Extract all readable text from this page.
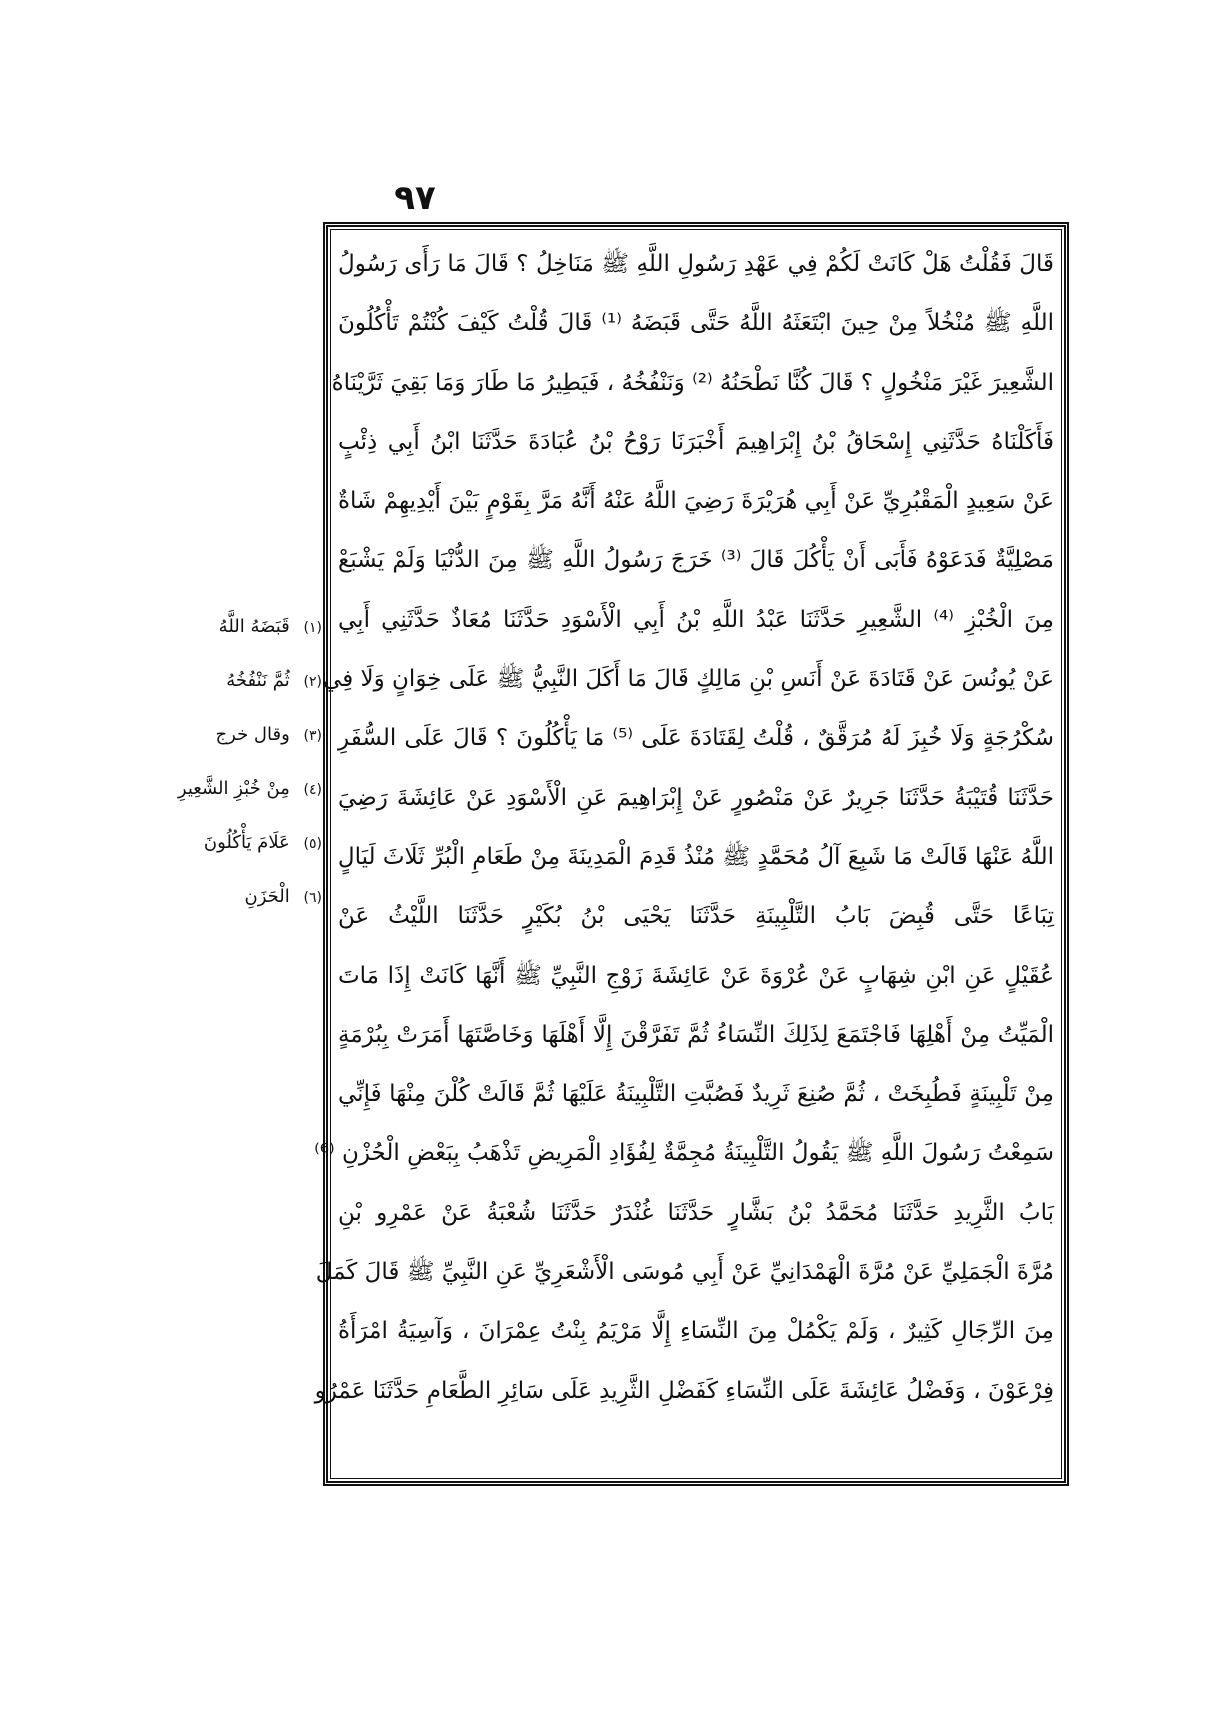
٩٧
قَالَ فَقُلْتُ هَلْ كَانَتْ لَكُمْ فِي عَهْدِ رَسُولِ اللَّهِ ﷺ مَنَاخِلُ ؟ قَالَ مَا رَأَى رَسُولُ
اللَّهِ ﷺ مُنْخُلاً مِنْ حِينَ ابْتَعَثَهُ اللَّهُ حَتَّى قَبَضَهُ ⁽¹⁾ قَالَ قُلْتُ كَيْفَ كُنْتُمْ تَأْكُلُونَ
الشَّعِيرَ غَيْرَ مَنْخُولٍ ؟ قَالَ كُنَّا نَطْحَنُهُ ⁽²⁾ وَنَنْفُخُهُ ، فَيَطِيرُ مَا طَارَ وَمَا بَقِيَ ثَرَّيْنَاهُ
فَأَكَلْنَاهُ حَدَّثَنِي إِسْحَاقُ بْنُ إِبْرَاهِيمَ أَخْبَرَنَا رَوْحُ بْنُ عُبَادَةَ حَدَّثَنَا ابْنُ أَبِي ذِئْبٍ
عَنْ سَعِيدٍ الْمَقْبُرِيِّ عَنْ أَبِي هُرَيْرَةَ رَضِيَ اللَّهُ عَنْهُ أَنَّهُ مَرَّ بِقَوْمٍ بَيْنَ أَيْدِيهِمْ شَاةٌ
مَصْلِيَّةٌ فَدَعَوْهُ فَأَبَى أَنْ يَأْكُلَ قَالَ ⁽³⁾ خَرَجَ رَسُولُ اللَّهِ ﷺ مِنَ الدُّنْيَا وَلَمْ يَشْبَعْ
مِنَ الْخُبْزِ ⁽⁴⁾ الشَّعِيرِ حَدَّثَنَا عَبْدُ اللَّهِ بْنُ أَبِي الْأَسْوَدِ حَدَّثَنَا مُعَاذٌ حَدَّثَنِي أَبِي
عَنْ يُونُسَ عَنْ قَتَادَةَ عَنْ أَنَسِ بْنِ مَالِكٍ قَالَ مَا أَكَلَ النَّبِيُّ ﷺ عَلَى خِوَانٍ وَلَا فِي
سُكْرُجَةٍ وَلَا خُبِزَ لَهُ مُرَقَّقٌ ، قُلْتُ لِقَتَادَةَ عَلَى ⁽⁵⁾ مَا يَأْكُلُونَ ؟ قَالَ عَلَى السُّفَرِ
حَدَّثَنَا قُتَيْبَةُ حَدَّثَنَا جَرِيرٌ عَنْ مَنْصُورٍ عَنْ إِبْرَاهِيمَ عَنِ الْأَسْوَدِ عَنْ عَائِشَةَ رَضِيَ
اللَّهُ عَنْهَا قَالَتْ مَا شَبِعَ آلُ مُحَمَّدٍ ﷺ مُنْذُ قَدِمَ الْمَدِينَةَ مِنْ طَعَامِ الْبُرِّ ثَلَاثَ لَيَالٍ
تِبَاعًا حَتَّى قُبِضَ بَابُ التَّلْبِينَةِ حَدَّثَنَا يَحْيَى بْنُ بُكَيْرٍ حَدَّثَنَا اللَّيْثُ عَنْ
عُقَيْلٍ عَنِ ابْنِ شِهَابٍ عَنْ عُرْوَةَ عَنْ عَائِشَةَ زَوْجِ النَّبِيِّ ﷺ أَنَّهَا كَانَتْ إِذَا مَاتَ
الْمَيِّتُ مِنْ أَهْلِهَا فَاجْتَمَعَ لِذَلِكَ النِّسَاءُ ثُمَّ تَفَرَّقْنَ إِلَّا أَهْلَهَا وَخَاصَّتَهَا أَمَرَتْ بِبُرْمَةٍ
مِنْ تَلْبِينَةٍ فَطُبِخَتْ ، ثُمَّ صُنِعَ ثَرِيدٌ فَصُبَّتِ التَّلْبِينَةُ عَلَيْهَا ثُمَّ قَالَتْ كُلْنَ مِنْهَا فَإِنِّي
سَمِعْتُ رَسُولَ اللَّهِ ﷺ يَقُولُ التَّلْبِينَةُ مُجِمَّةٌ لِفُؤَادِ الْمَرِيضِ تَذْهَبُ بِبَعْضِ الْحُزْنِ ⁽⁶⁾
بَابُ الثَّرِيدِ حَدَّثَنَا مُحَمَّدُ بْنُ بَشَّارٍ حَدَّثَنَا غُنْدَرٌ حَدَّثَنَا شُعْبَةُ عَنْ عَمْرِو بْنِ
مُرَّةَ الْجَمَلِيِّ عَنْ مُرَّةَ الْهَمْدَانِيِّ عَنْ أَبِي مُوسَى الْأَشْعَرِيِّ عَنِ النَّبِيِّ ﷺ قَالَ كَمَلَ
مِنَ الرِّجَالِ كَثِيرٌ ، وَلَمْ يَكْمُلْ مِنَ النِّسَاءِ إِلَّا مَرْيَمُ بِنْتُ عِمْرَانَ ، وَآسِيَةُ امْرَأَةُ
فِرْعَوْنَ ، وَفَضْلُ عَائِشَةَ عَلَى النِّسَاءِ كَفَضْلِ الثَّرِيدِ عَلَى سَائِرِ الطَّعَامِ حَدَّثَنَا عَمْرُو
(١) قَبَضَهُ اللَّهُ
(٢) ثُمَّ نَنْفُخُهُ
(٣) وقال خرج
(٤) مِنْ خُبْزِ الشَّعِيرِ
(٥) عَلَامَ يَأْكُلُونَ
(٦) الْحَزَنِ
